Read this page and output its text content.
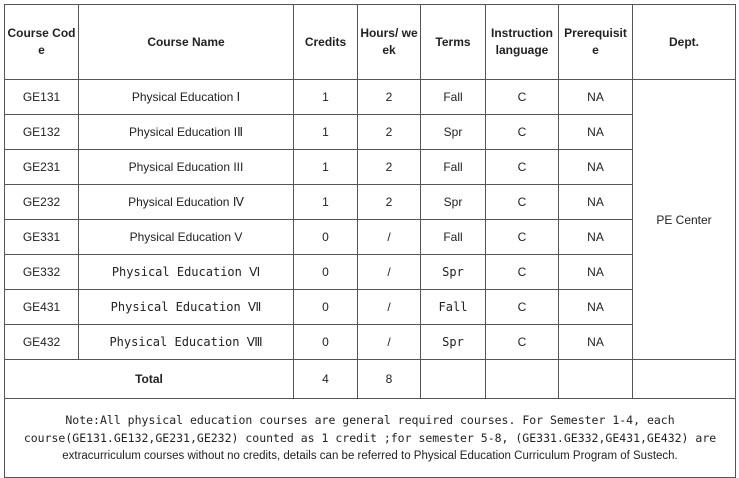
Course Code	Course Name	Credits	Hours/ week	Terms	Instruction language	Prerequisite	Dept.
GE131	Physical Education Ⅰ	1	2	Fall	C	NA	PE Center
GE132	Physical Education IⅡ	1	2	Spr	C	NA	
GE231	Physical Education III	1	2	Fall	C	NA	
GE232	Physical Education Ⅳ	1	2	Spr	C	NA	
GE331	Physical Education V	0	/	Fall	C	NA	
GE332	Physical Education Ⅵ	0	/	Spr	C	NA	
GE431	Physical Education Ⅶ	0	/	Fall	C	NA	
GE432	Physical Education Ⅷ	0	/	Spr	C	NA	
Total		4	8				

Note:All physical education courses are general required courses. For Semester 1-4, each
course(GE131.GE132,GE231,GE232) counted as 1 credit ;for semester 5-8, (GE331.GE332,GE431,GE432) are
extracurriculum courses without no credits, details can be referred to Physical Education Curriculum Program of Sustech.							
